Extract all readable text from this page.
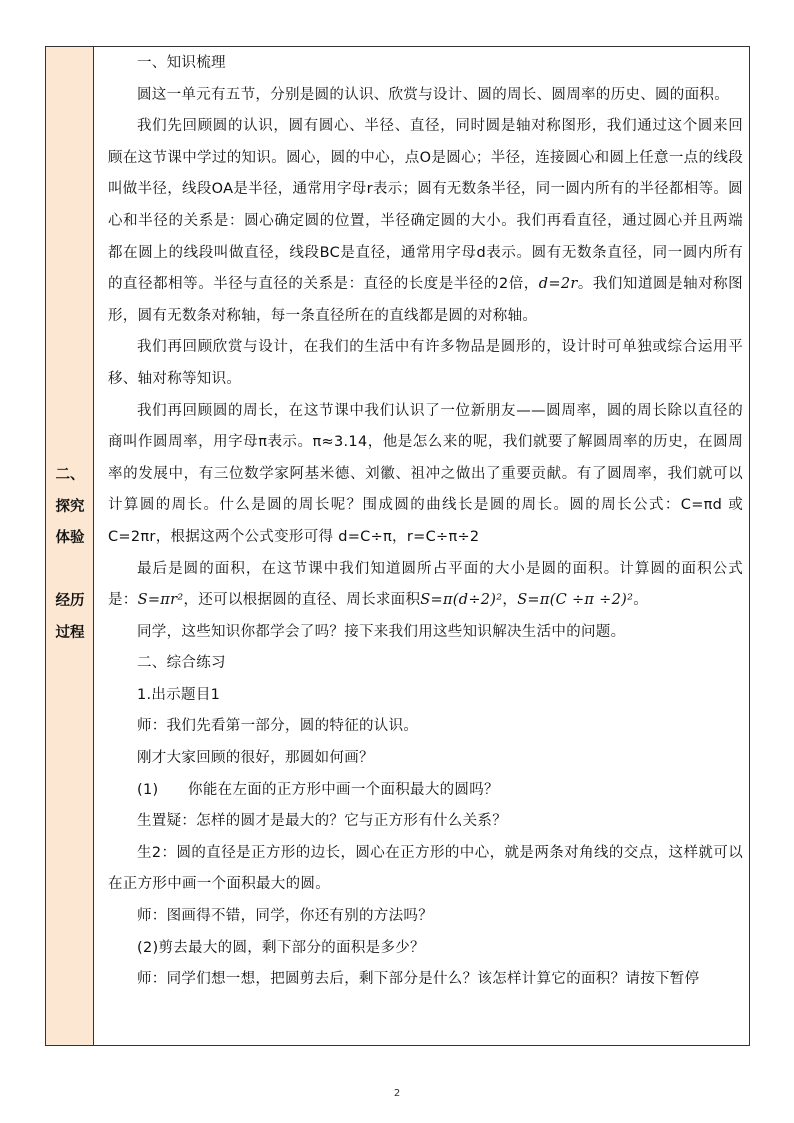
二、
探究
体验

经历
过程

一、知识梳理

圆这一单元有五节，分别是圆的认识、欣赏与设计、圆的周长、圆周率的历史、圆的面积。

我们先回顾圆的认识，圆有圆心、半径、直径，同时圆是轴对称图形，我们通过这个圆来回顾在这节课中学过的知识。圆心，圆的中心，点O是圆心；半径，连接圆心和圆上任意一点的线段叫做半径，线段OA是半径，通常用字母r表示；圆有无数条半径，同一圆内所有的半径都相等。圆心和半径的关系是：圆心确定圆的位置，半径确定圆的大小。我们再看直径，通过圆心并且两端都在圆上的线段叫做直径，线段BC是直径，通常用字母d表示。圆有无数条直径，同一圆内所有的直径都相等。半径与直径的关系是：直径的长度是半径的2倍，d=2r。我们知道圆是轴对称图形，圆有无数条对称轴，每一条直径所在的直线都是圆的对称轴。

我们再回顾欣赏与设计，在我们的生活中有许多物品是圆形的，设计时可单独或综合运用平移、轴对称等知识。

我们再回顾圆的周长，在这节课中我们认识了一位新朋友——圆周率，圆的周长除以直径的商叫作圆周率，用字母π表示。π≈3.14，他是怎么来的呢，我们就要了解圆周率的历史，在圆周率的发展中，有三位数学家阿基米德、刘徽、祖冲之做出了重要贡献。有了圆周率，我们就可以计算圆的周长。什么是圆的周长呢？围成圆的曲线长是圆的周长。圆的周长公式：C=πd 或 C=2πr，根据这两个公式变形可得 d=C÷π，r=C÷π÷2

最后是圆的面积，在这节课中我们知道圆所占平面的大小是圆的面积。计算圆的面积公式是：S=πr²，还可以根据圆的直径、周长求面积S=π(d÷2)²，S=π(C ÷π ÷2)²。

同学，这些知识你都学会了吗？接下来我们用这些知识解决生活中的问题。

二、综合练习

1.出示题目1

师：我们先看第一部分，圆的特征的认识。

刚才大家回顾的很好，那圆如何画？

(1)　　你能在左面的正方形中画一个面积最大的圆吗？

生置疑：怎样的圆才是最大的？它与正方形有什么关系？

生2：圆的直径是正方形的边长，圆心在正方形的中心，就是两条对角线的交点，这样就可以在正方形中画一个面积最大的圆。

师：图画得不错，同学，你还有别的方法吗？

(2)剪去最大的圆，剩下部分的面积是多少？

师：同学们想一想，把圆剪去后，剩下部分是什么？该怎样计算它的面积？请按下暂停

2
